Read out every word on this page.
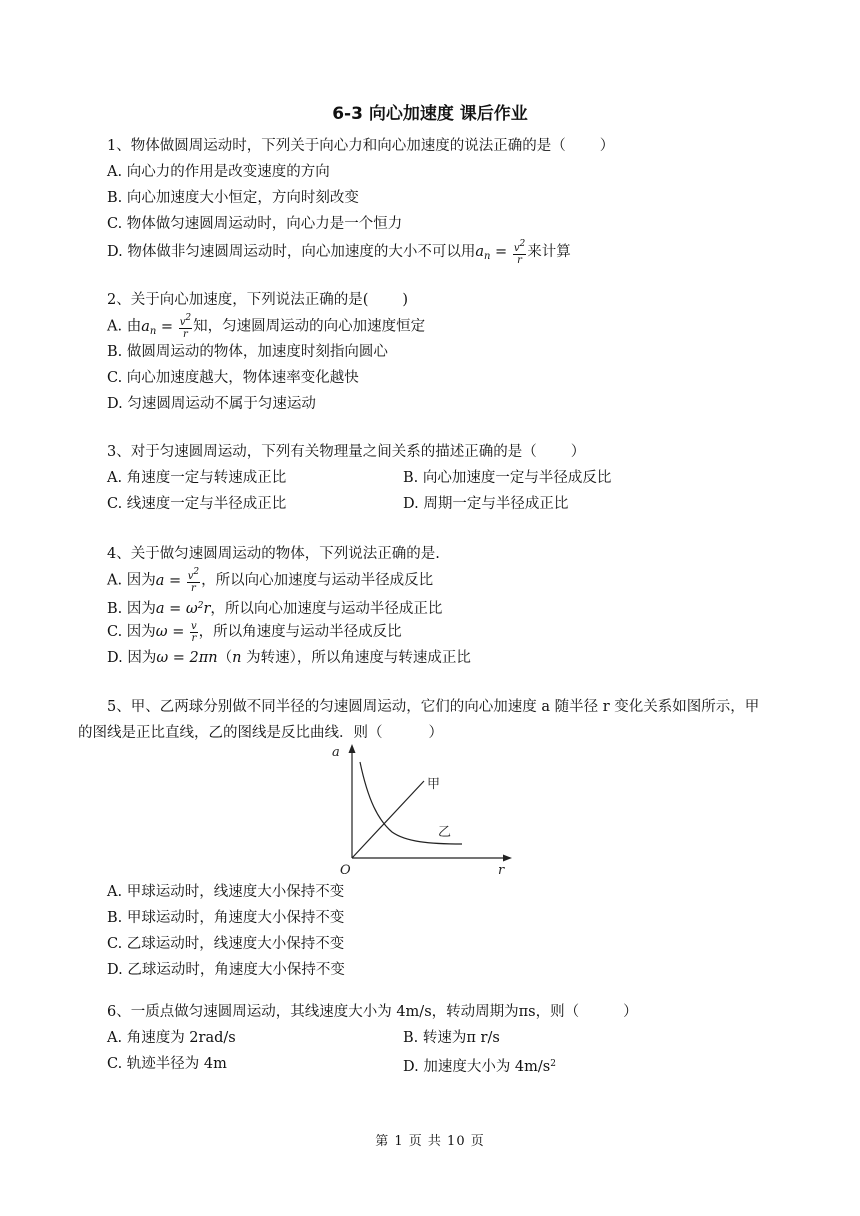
6-3 向心加速度 课后作业
1、物体做圆周运动时，下列关于向心力和向心加速度的说法正确的是（ ）
A. 向心力的作用是改变速度的方向
B. 向心加速度大小恒定，方向时刻改变
C. 物体做匀速圆周运动时，向心力是一个恒力
D. 物体做非匀速圆周运动时，向心加速度的大小不可以用$a_n = \frac{v2}{r}$ 来计算
2、关于向心加速度，下列说法正确的是( )
A. 由$a_n = \frac{v2}{r}$ 知，匀速圆周运动的向心加速度恒定
B. 做圆周运动的物体，加速度时刻指向圆心
C. 向心加速度越大，物体速率变化越快
D. 匀速圆周运动不属于匀速运动
3、对于匀速圆周运动，下列有关物理量之间关系的描述正确的是（ ）
A. 角速度一定与转速成正比	B. 向心加速度一定与半径成反比
C. 线速度一定与半径成正比	D. 周期一定与半径成正比
4、关于做匀速圆周运动的物体，下列说法正确的是.
A. 因为$a = \frac{v2}{r}$ ，所以向心加速度与运动半径成反比
B. 因为$a = \omega^2r$，所以向心加速度与运动半径成正比
C. 因为$\omega = \frac{v}{r}$ ，所以角速度与运动半径成反比
D. 因为ω = 2πn（n 为转速），所以角速度与转速成正比
5、甲、乙两球分别做不同半径的匀速圆周运动，它们的向心加速度 a 随半径 r 变化关系如图所示，甲
的图线是正比直线，乙的图线是反比曲线．则（	）
a
r
O
甲
乙
A. 甲球运动时，线速度大小保持不变
B. 甲球运动时，角速度大小保持不变
C. 乙球运动时，线速度大小保持不变
D. 乙球运动时，角速度大小保持不变
6、一质点做匀速圆周运动，其线速度大小为 4m/s，转动周期为πs，则（	）
A. 角速度为 2rad/s	B. 转速为π r/s
C. 轨迹半径为 4m	D. 加速度大小为 $4m/s^2$
第 1 页 共 10 页
